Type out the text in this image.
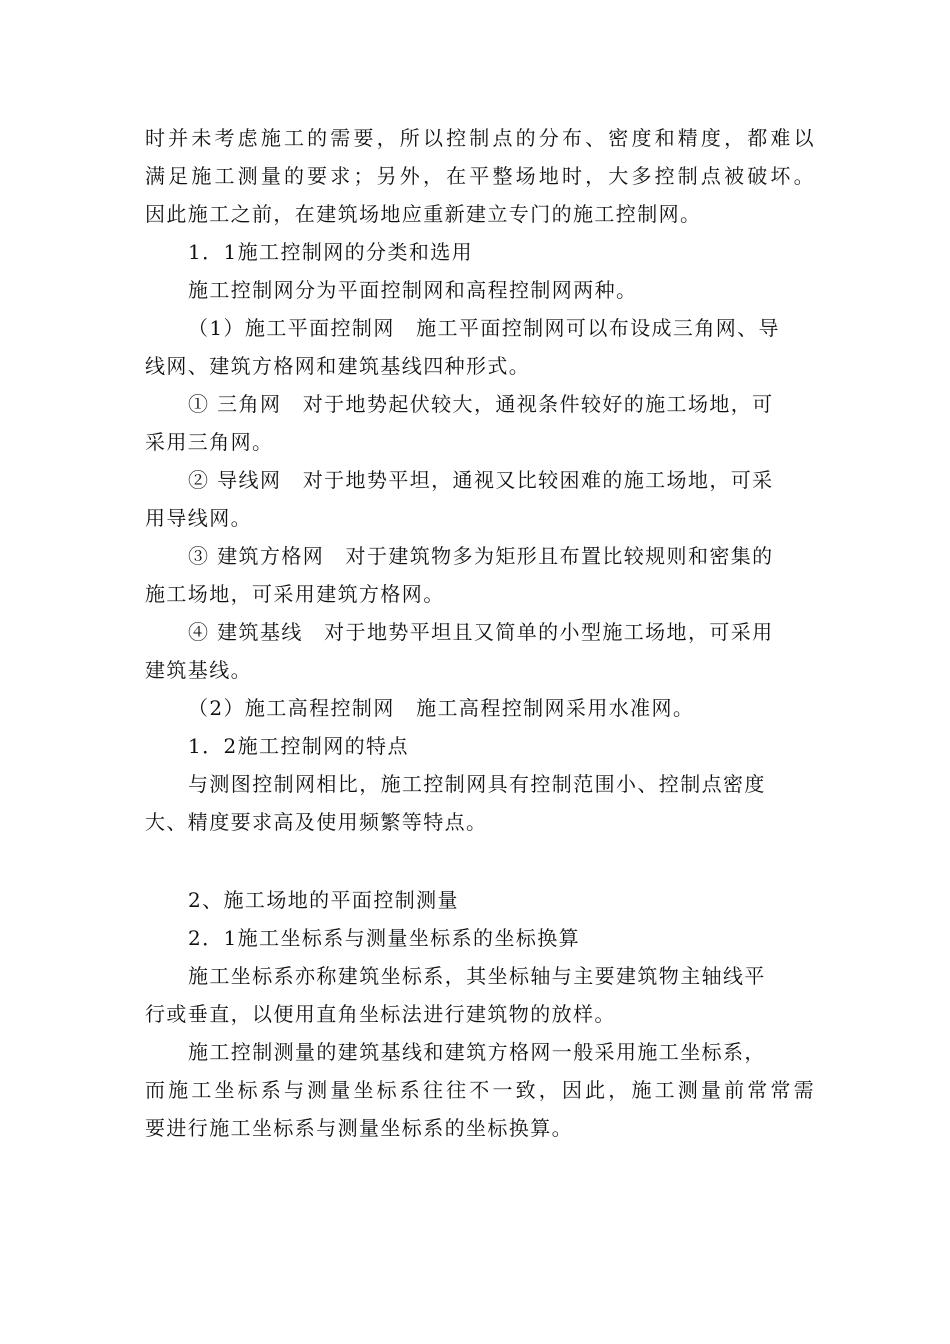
时并未考虑施工的需要，所以控制点的分布、密度和精度，都难以
满足施工测量的要求；另外，在平整场地时，大多控制点被破坏。
因此施工之前，在建筑场地应重新建立专门的施工控制网。
1．1施工控制网的分类和选用
施工控制网分为平面控制网和高程控制网两种。
（1）施工平面控制网　施工平面控制网可以布设成三角网、导
线网、建筑方格网和建筑基线四种形式。
① 三角网　对于地势起伏较大，通视条件较好的施工场地，可
采用三角网。
② 导线网　对于地势平坦，通视又比较困难的施工场地，可采
用导线网。
③ 建筑方格网　对于建筑物多为矩形且布置比较规则和密集的
施工场地，可采用建筑方格网。
④ 建筑基线　对于地势平坦且又简单的小型施工场地，可采用
建筑基线。
（2）施工高程控制网　施工高程控制网采用水准网。
1．2施工控制网的特点
与测图控制网相比，施工控制网具有控制范围小、控制点密度
大、精度要求高及使用频繁等特点。
2、施工场地的平面控制测量
2．1施工坐标系与测量坐标系的坐标换算
施工坐标系亦称建筑坐标系，其坐标轴与主要建筑物主轴线平
行或垂直，以便用直角坐标法进行建筑物的放样。
施工控制测量的建筑基线和建筑方格网一般采用施工坐标系，
而施工坐标系与测量坐标系往往不一致，因此，施工测量前常常需
要进行施工坐标系与测量坐标系的坐标换算。
